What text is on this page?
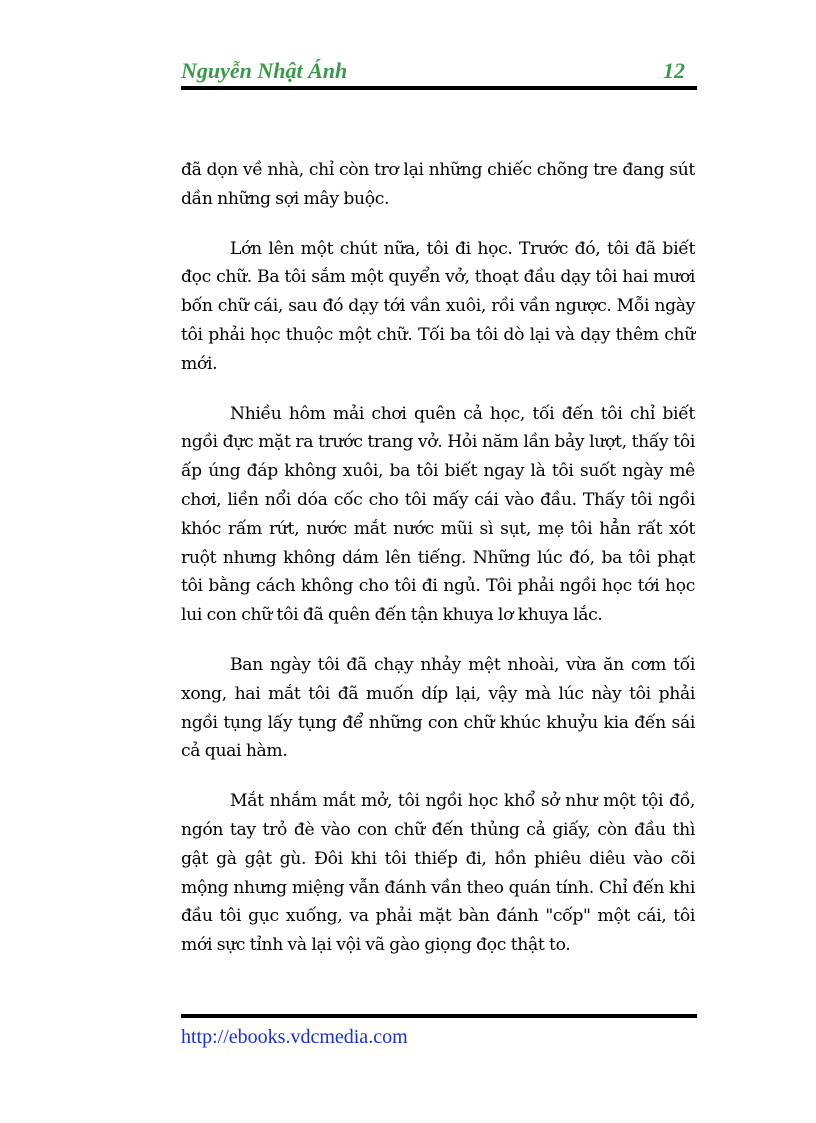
Nguyễn Nhật Ánh	12

đã dọn về nhà, chỉ còn trơ lại những chiếc chõng tre đang sút dần những sợi mây buộc.

Lớn lên một chút nữa, tôi đi học. Trước đó, tôi đã biết đọc chữ. Ba tôi sắm một quyển vở, thoạt đầu dạy tôi hai mươi bốn chữ cái, sau đó dạy tới vần xuôi, rồi vần ngược. Mỗi ngày tôi phải học thuộc một chữ. Tối ba tôi dò lại và dạy thêm chữ mới.

Nhiều hôm mải chơi quên cả học, tối đến tôi chỉ biết ngồi đực mặt ra trước trang vở. Hỏi năm lần bảy lượt, thấy tôi ấp úng đáp không xuôi, ba tôi biết ngay là tôi suốt ngày mê chơi, liền nổi dóa cốc cho tôi mấy cái vào đầu. Thấy tôi ngồi khóc rấm rứt, nước mắt nước mũi sì sụt, mẹ tôi hẳn rất xót ruột nhưng không dám lên tiếng. Những lúc đó, ba tôi phạt tôi bằng cách không cho tôi đi ngủ. Tôi phải ngồi học tới học lui con chữ tôi đã quên đến tận khuya lơ khuya lắc.

Ban ngày tôi đã chạy nhảy mệt nhoài, vừa ăn cơm tối xong, hai mắt tôi đã muốn díp lại, vậy mà lúc này tôi phải ngồi tụng lấy tụng để những con chữ khúc khuỷu kia đến sái cả quai hàm.

Mắt nhắm mắt mở, tôi ngồi học khổ sở như một tội đồ, ngón tay trỏ đè vào con chữ đến thủng cả giấy, còn đầu thì gật gà gật gù. Đôi khi tôi thiếp đi, hồn phiêu diêu vào cõi mộng nhưng miệng vẫn đánh vần theo quán tính. Chỉ đến khi đầu tôi gục xuống, va phải mặt bàn đánh "cốp" một cái, tôi mới sực tỉnh và lại vội vã gào giọng đọc thật to.

http://ebooks.vdcmedia.com
